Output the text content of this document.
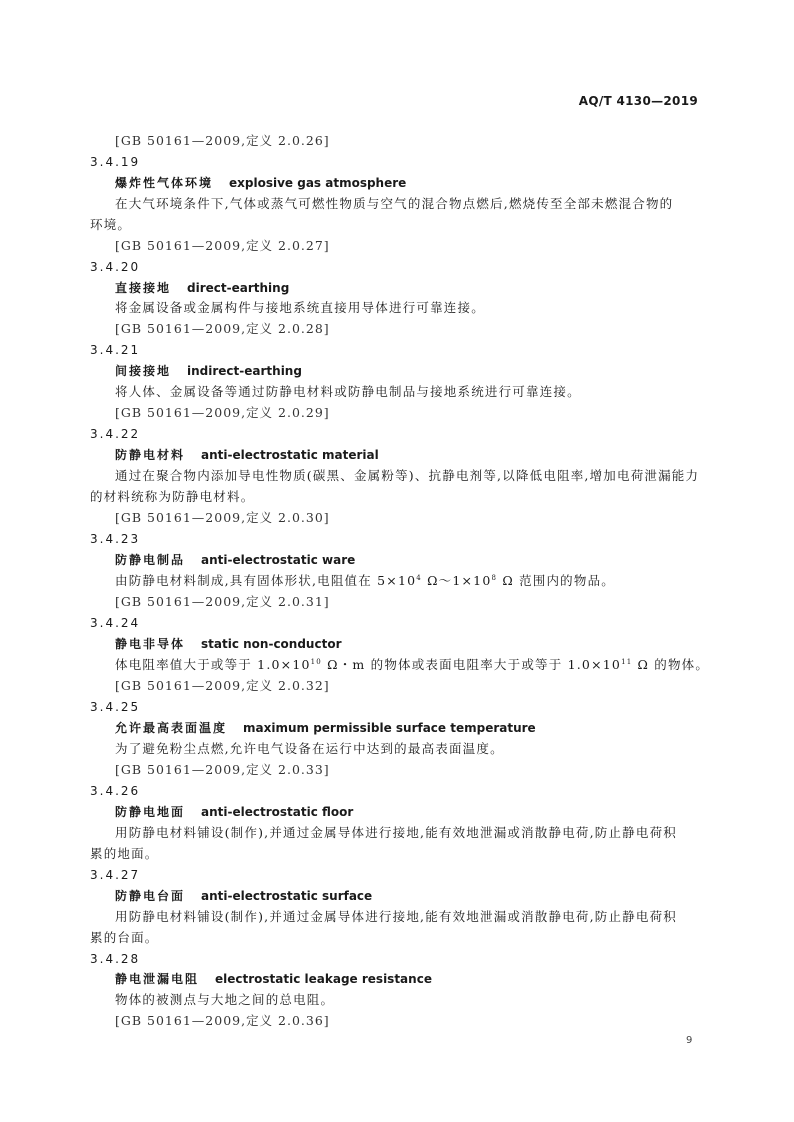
AQ/T 4130—2019
[GB 50161—2009,定义 2.0.26]
3.4.19
爆炸性气体环境 explosive gas atmosphere
在大气环境条件下,气体或蒸气可燃性物质与空气的混合物点燃后,燃烧传至全部未燃混合物的
环境。
[GB 50161—2009,定义 2.0.27]
3.4.20
直接接地 direct-earthing
将金属设备或金属构件与接地系统直接用导体进行可靠连接。
[GB 50161—2009,定义 2.0.28]
3.4.21
间接接地 indirect-earthing
将人体、金属设备等通过防静电材料或防静电制品与接地系统进行可靠连接。
[GB 50161—2009,定义 2.0.29]
3.4.22
防静电材料 anti-electrostatic material
通过在聚合物内添加导电性物质(碳黑、金属粉等)、抗静电剂等,以降低电阻率,增加电荷泄漏能力
的材料统称为防静电材料。
[GB 50161—2009,定义 2.0.30]
3.4.23
防静电制品 anti-electrostatic ware
由防静电材料制成,具有固体形状,电阻值在 $5\times 10^4$ $\Omega\sim 1\times 10^8$ Ω 范围内的物品。
[GB 50161—2009,定义 2.0.31]
3.4.24
静电非导体 static non-conductor
体电阻率值大于或等于 $1.0\times 10^{10}$ Ω・m 的物体或表面电阻率大于或等于 $1.0\times 10^{11}$ Ω 的物体。
[GB 50161—2009,定义 2.0.32]
3.4.25
允许最高表面温度 maximum permissible surface temperature
为了避免粉尘点燃,允许电气设备在运行中达到的最高表面温度。
[GB 50161—2009,定义 2.0.33]
3.4.26
防静电地面 anti-electrostatic floor
用防静电材料铺设(制作),并通过金属导体进行接地,能有效地泄漏或消散静电荷,防止静电荷积
累的地面。
3.4.27
防静电台面 anti-electrostatic surface
用防静电材料铺设(制作),并通过金属导体进行接地,能有效地泄漏或消散静电荷,防止静电荷积
累的台面。
3.4.28
静电泄漏电阻 electrostatic leakage resistance
物体的被测点与大地之间的总电阻。
[GB 50161—2009,定义 2.0.36]
9
